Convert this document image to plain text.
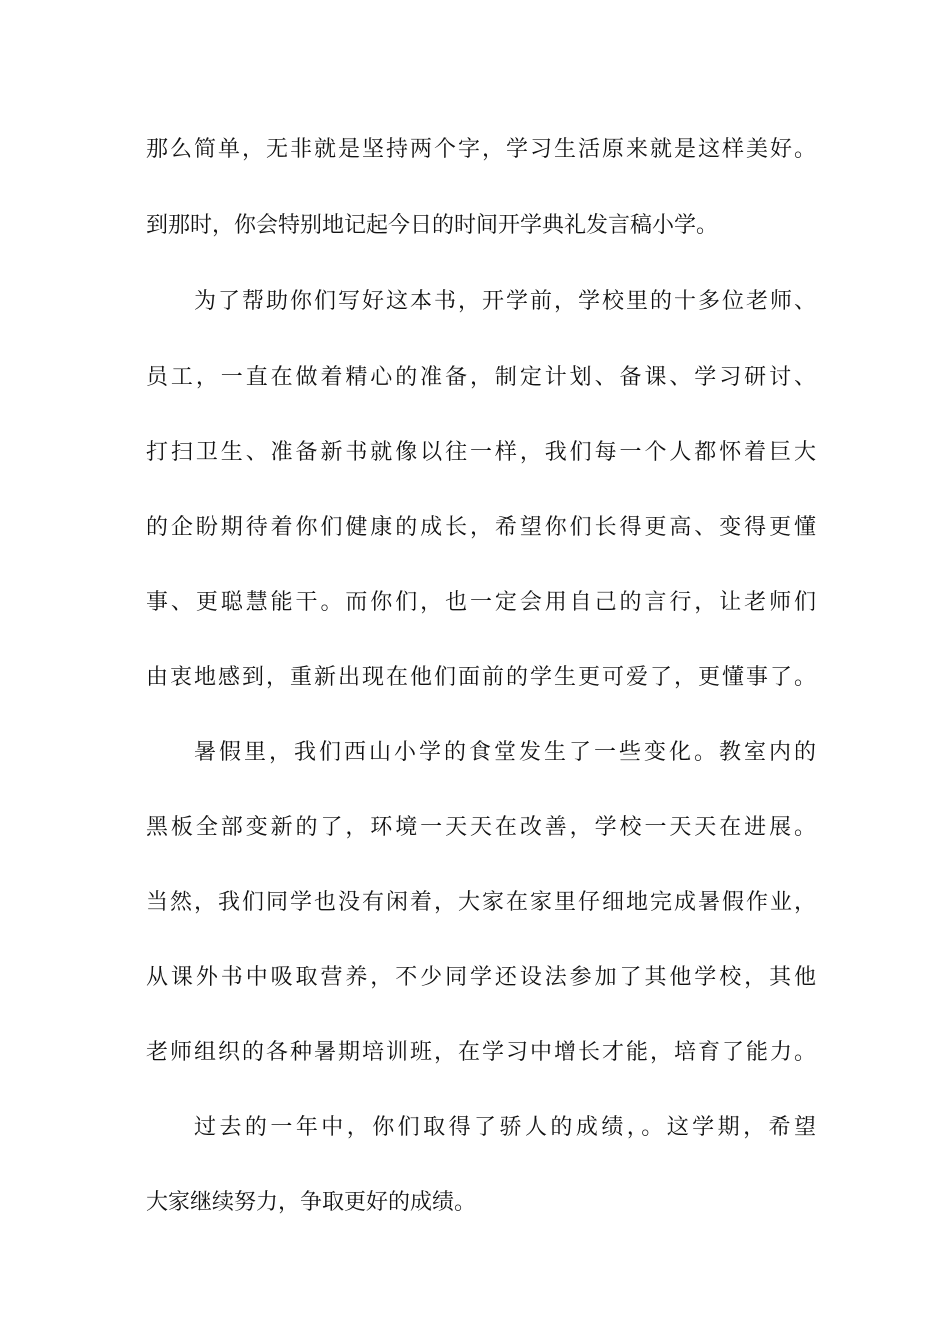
那么简单，无非就是坚持两个字，学习生活原来就是这样美好。
到那时，你会特别地记起今日的时间开学典礼发言稿小学。
为了帮助你们写好这本书，开学前，学校里的十多位老师、
员工，一直在做着精心的准备，制定计划、备课、学习研讨、
打扫卫生、准备新书就像以往一样，我们每一个人都怀着巨大
的企盼期待着你们健康的成长，希望你们长得更高、变得更懂
事、更聪慧能干。而你们，也一定会用自己的言行，让老师们
由衷地感到，重新出现在他们面前的学生更可爱了，更懂事了。
暑假里，我们西山小学的食堂发生了一些变化。教室内的
黑板全部变新的了，环境一天天在改善，学校一天天在进展。
当然，我们同学也没有闲着，大家在家里仔细地完成暑假作业，
从课外书中吸取营养，不少同学还设法参加了其他学校，其他
老师组织的各种暑期培训班，在学习中增长才能，培育了能力。
过去的一年中，你们取得了骄人的成绩，。这学期，希望
大家继续努力，争取更好的成绩。
